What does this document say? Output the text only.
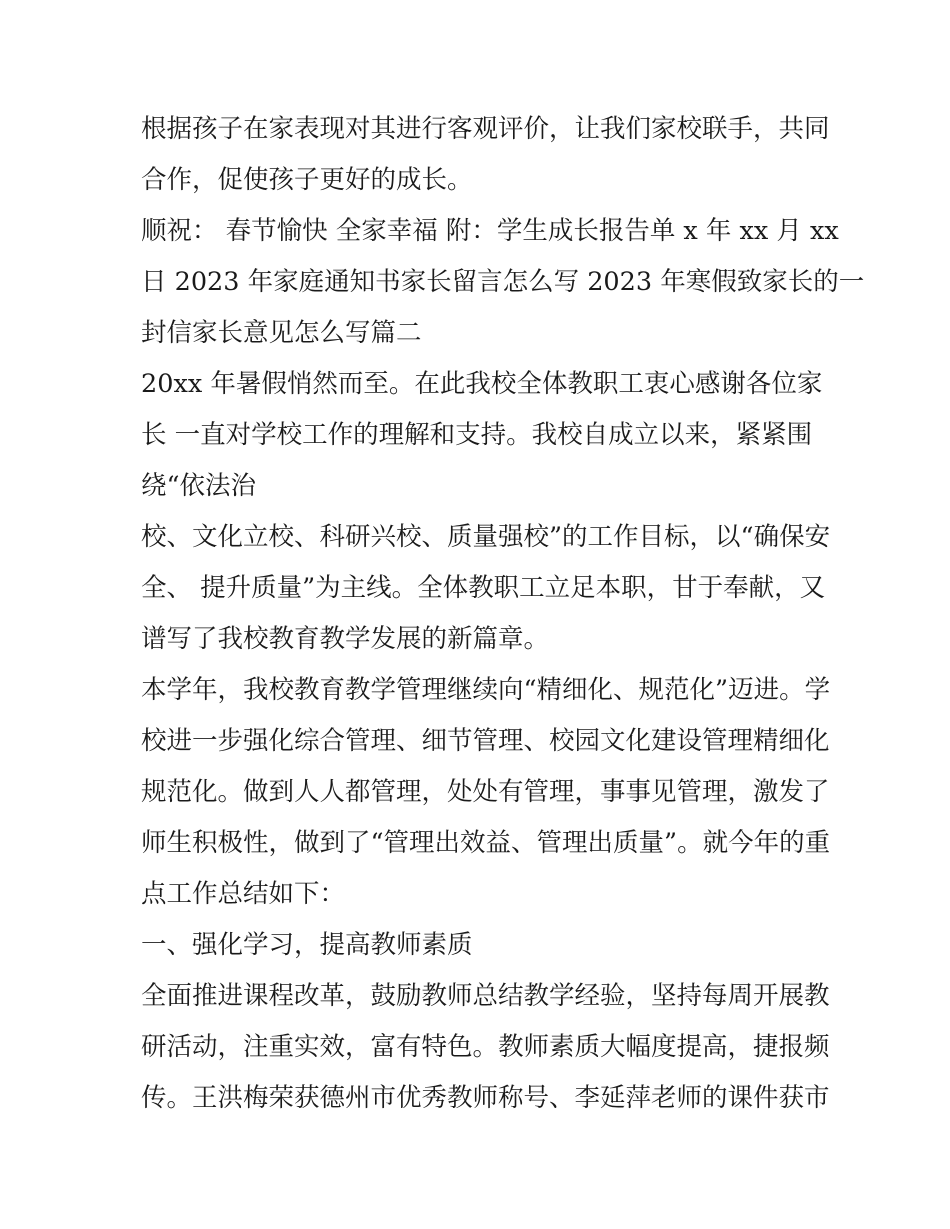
根据孩子在家表现对其进行客观评价，让我们家校联手，共同
合作，促使孩子更好的成长。
顺祝： 春节愉快 全家幸福 附：学生成长报告单 x 年 xx 月 xx
日 2023 年家庭通知书家长留言怎么写 2023 年寒假致家长的一
封信家长意见怎么写篇二
20xx 年暑假悄然而至。在此我校全体教职工衷心感谢各位家
长 一直对学校工作的理解和支持。我校自成立以来，紧紧围
绕“依法治
校、文化立校、科研兴校、质量强校”的工作目标，以“确保安
全、 提升质量”为主线。全体教职工立足本职，甘于奉献，又
谱写了我校教育教学发展的新篇章。
本学年，我校教育教学管理继续向“精细化、规范化”迈进。学
校进一步强化综合管理、细节管理、校园文化建设管理精细化
规范化。做到人人都管理，处处有管理，事事见管理，激发了
师生积极性，做到了“管理出效益、管理出质量”。就今年的重
点工作总结如下：
一、强化学习，提高教师素质
全面推进课程改革，鼓励教师总结教学经验，坚持每周开展教
研活动，注重实效，富有特色。教师素质大幅度提高，捷报频
传。王洪梅荣获德州市优秀教师称号、李延萍老师的课件获市
